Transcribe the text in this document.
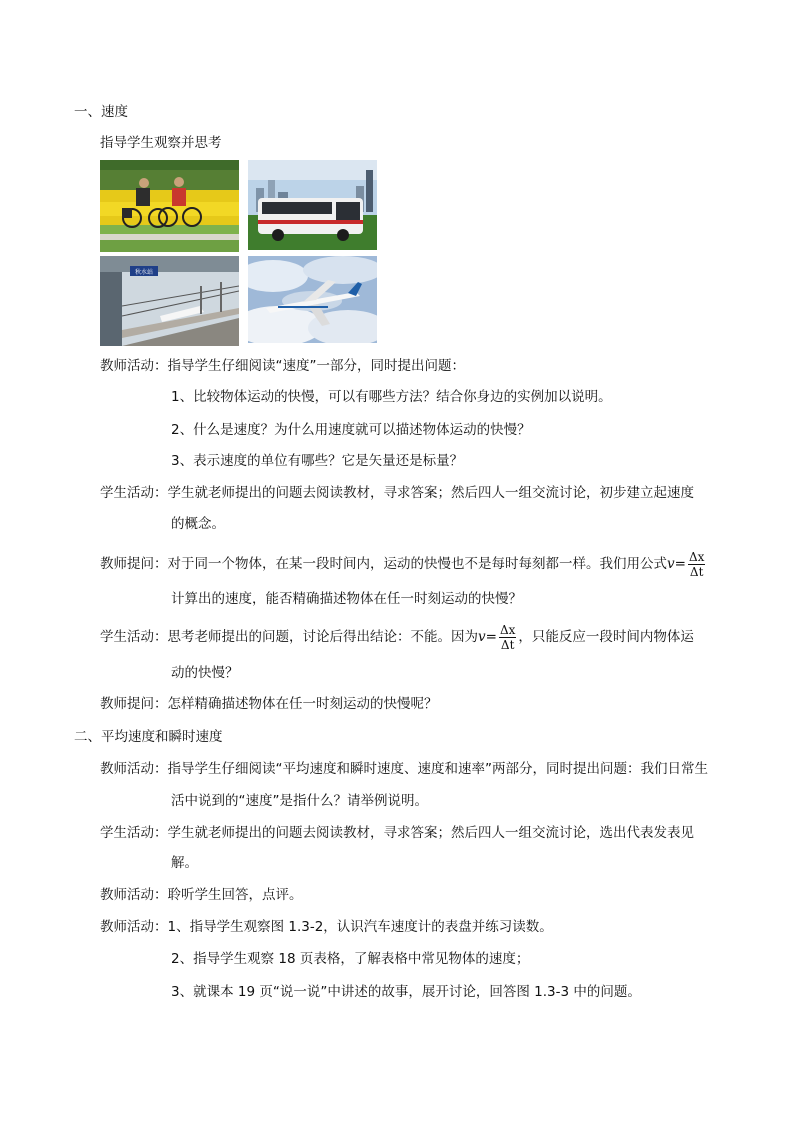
一、速度
指导学生观察并思考
秋水站
教师活动：指导学生仔细阅读“速度”一部分，同时提出问题：
1、比较物体运动的快慢，可以有哪些方法？结合你身边的实例加以说明。
2、什么是速度？为什么用速度就可以描述物体运动的快慢？
3、表示速度的单位有哪些？它是矢量还是标量？
学生活动：学生就老师提出的问题去阅读教材，寻求答案；然后四人一组交流讨论，初步建立起速度
的概念。
教师提问：对于同一个物体，在某一段时间内，运动的快慢也不是每时每刻都一样。我们用公式$v= \frac{\Delta x}{\Delta t}$
计算出的速度，能否精确描述物体在任一时刻运动的快慢？
学生活动：思考老师提出的问题，讨论后得出结论：不能。因为$v= \frac{\Delta x}{\Delta t}$ ，只能反应一段时间内物体运
动的快慢？
教师提问：怎样精确描述物体在任一时刻运动的快慢呢？
二、平均速度和瞬时速度
教师活动：指导学生仔细阅读“平均速度和瞬时速度、速度和速率”两部分，同时提出问题：我们日常生
活中说到的“速度”是指什么？请举例说明。
学生活动：学生就老师提出的问题去阅读教材，寻求答案；然后四人一组交流讨论，选出代表发表见
解。
教师活动：聆听学生回答，点评。
教师活动：1、指导学生观察图 1.3-2，认识汽车速度计的表盘并练习读数。
2、指导学生观察 18 页表格，了解表格中常见物体的速度；
3、就课本 19 页“说一说”中讲述的故事，展开讨论，回答图 1.3-3 中的问题。
